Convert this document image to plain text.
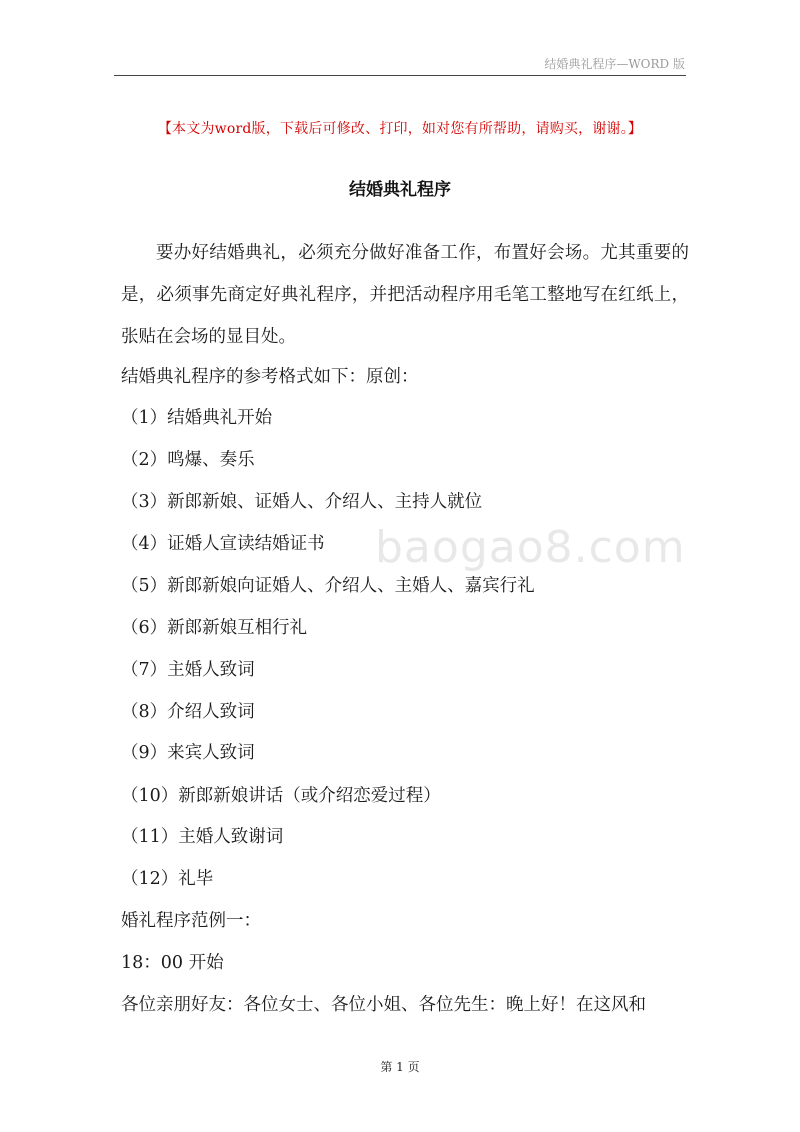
结婚典礼程序—WORD 版
【本文为word版，下载后可修改、打印，如对您有所帮助，请购买，谢谢。】
结婚典礼程序

要办好结婚典礼，必须充分做好准备工作，布置好会场。尤其重要的是，必须事先商定好典礼程序，并把活动程序用毛笔工整地写在红纸上，张贴在会场的显目处。

结婚典礼程序的参考格式如下：原创：

（1）结婚典礼开始

（2）鸣爆、奏乐

（3）新郎新娘、证婚人、介绍人、主持人就位

（4）证婚人宣读结婚证书

（5）新郎新娘向证婚人、介绍人、主婚人、嘉宾行礼

（6）新郎新娘互相行礼

（7）主婚人致词

（8）介绍人致词

（9）来宾人致词

（10）新郎新娘讲话（或介绍恋爱过程）

（11）主婚人致谢词

（12）礼毕

婚礼程序范例一：

18：00 开始

各位亲朋好友：各位女士、各位小姐、各位先生：晚上好！在这风和

baogao8.com
第 1 页
